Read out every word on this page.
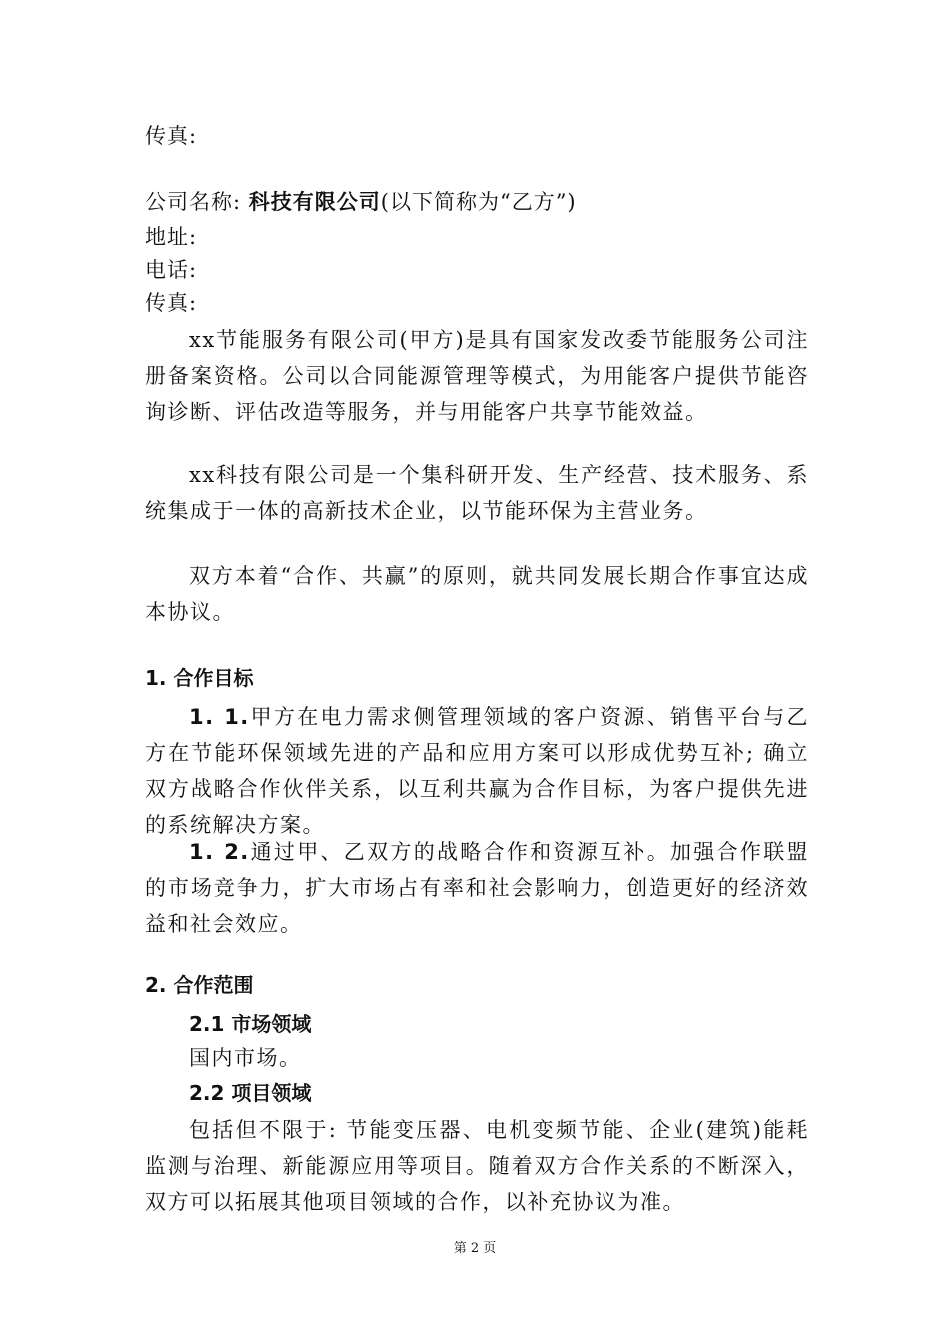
传真:
公司名称: 科技有限公司(以下简称为“乙方”)
地址:
电话:
传真:
xx节能服务有限公司(甲方)是具有国家发改委节能服务公司注册备案资格。公司以合同能源管理等模式，为用能客户提供节能咨询诊断、评估改造等服务，并与用能客户共享节能效益。
xx科技有限公司是一个集科研开发、生产经营、技术服务、系统集成于一体的高新技术企业，以节能环保为主营业务。
双方本着“合作、共赢”的原则，就共同发展长期合作事宜达成本协议。
1. 合作目标
1. 1.甲方在电力需求侧管理领域的客户资源、销售平台与乙方在节能环保领域先进的产品和应用方案可以形成优势互补; 确立双方战略合作伙伴关系，以互利共赢为合作目标，为客户提供先进的系统解决方案。
1. 2.通过甲、乙双方的战略合作和资源互补。加强合作联盟的市场竞争力，扩大市场占有率和社会影响力，创造更好的经济效益和社会效应。
2. 合作范围
2.1 市场领域
国内市场。
2.2 项目领域
包括但不限于: 节能变压器、电机变频节能、企业(建筑)能耗监测与治理、新能源应用等项目。随着双方合作关系的不断深入，双方可以拓展其他项目领域的合作，以补充协议为准。
第 2 页
